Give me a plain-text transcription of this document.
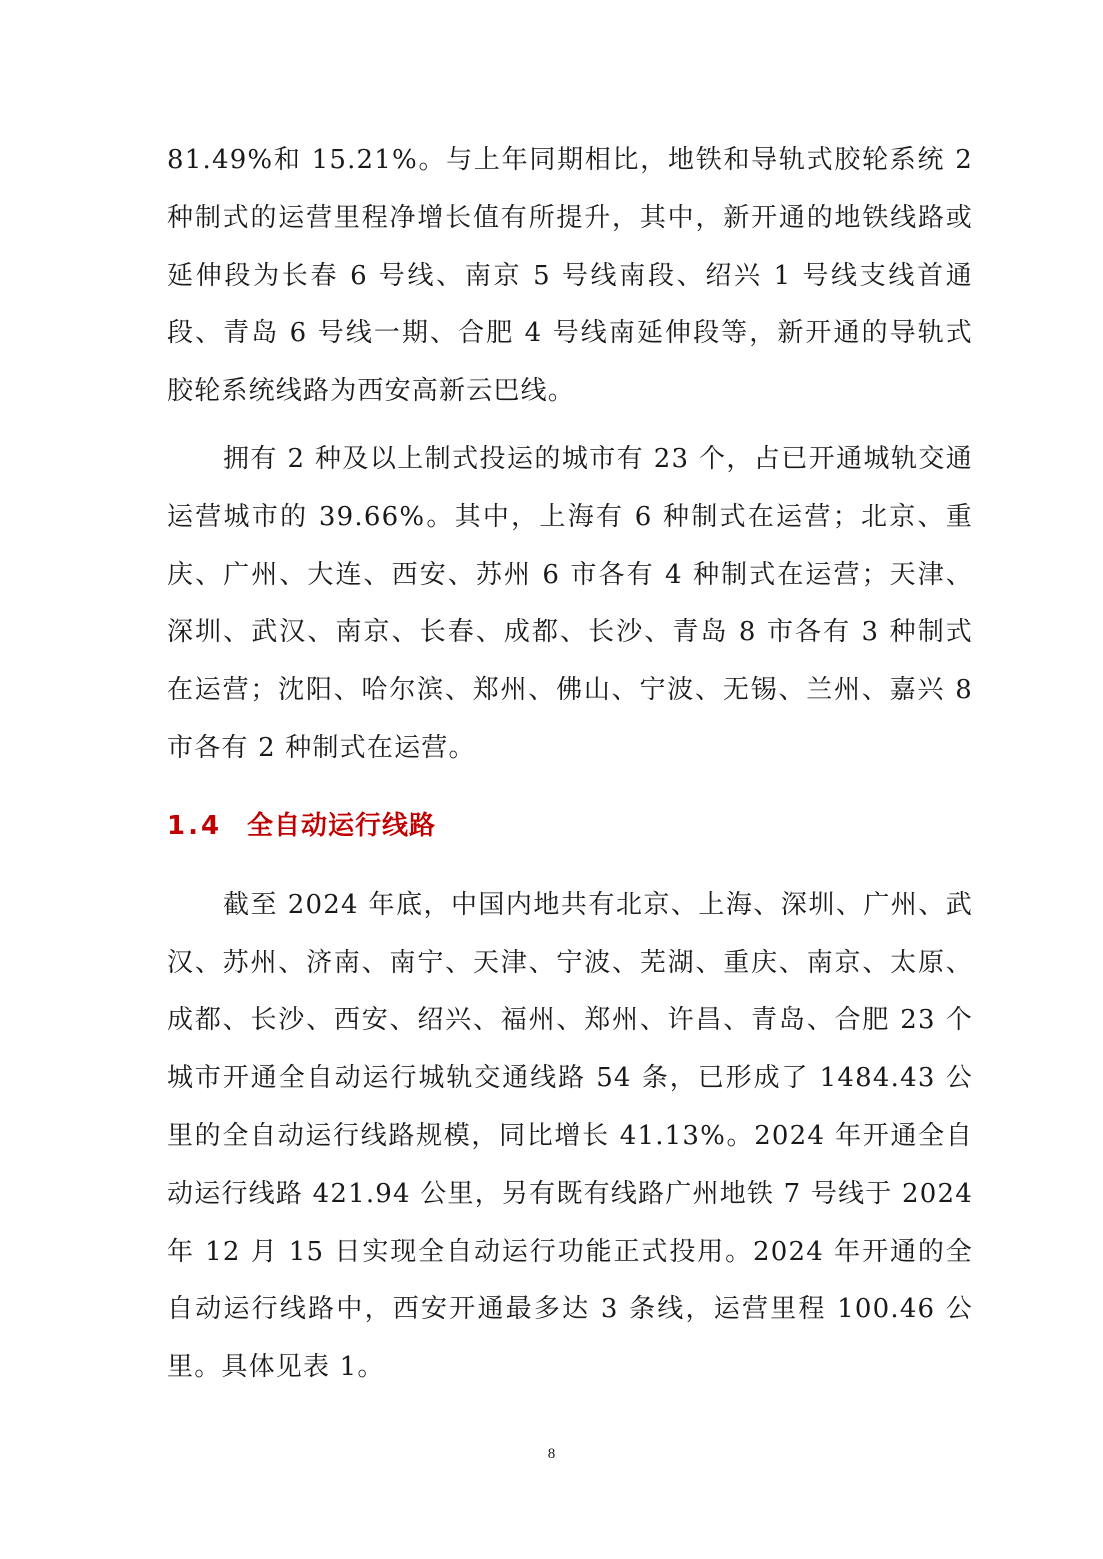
81.49%和 15.21%。与上年同期相比，地铁和导轨式胶轮系统 2 种制式的运营里程净增长值有所提升，其中，新开通的地铁线路或延伸段为长春 6 号线、南京 5 号线南段、绍兴 1 号线支线首通段、青岛 6 号线一期、合肥 4 号线南延伸段等，新开通的导轨式胶轮系统线路为西安高新云巴线。

拥有 2 种及以上制式投运的城市有 23 个，占已开通城轨交通运营城市的 39.66%。其中，上海有 6 种制式在运营；北京、重庆、广州、大连、西安、苏州 6 市各有 4 种制式在运营；天津、深圳、武汉、南京、长春、成都、长沙、青岛 8 市各有 3 种制式在运营；沈阳、哈尔滨、郑州、佛山、宁波、无锡、兰州、嘉兴 8 市各有 2 种制式在运营。

1.4 全自动运行线路

截至 2024 年底，中国内地共有北京、上海、深圳、广州、武汉、苏州、济南、南宁、天津、宁波、芜湖、重庆、南京、太原、成都、长沙、西安、绍兴、福州、郑州、许昌、青岛、合肥 23 个城市开通全自动运行城轨交通线路 54 条，已形成了 1484.43 公里的全自动运行线路规模，同比增长 41.13%。2024 年开通全自动运行线路 421.94 公里，另有既有线路广州地铁 7 号线于 2024 年 12 月 15 日实现全自动运行功能正式投用。2024 年开通的全自动运行线路中，西安开通最多达 3 条线，运营里程 100.46 公里。具体见表 1。

8
